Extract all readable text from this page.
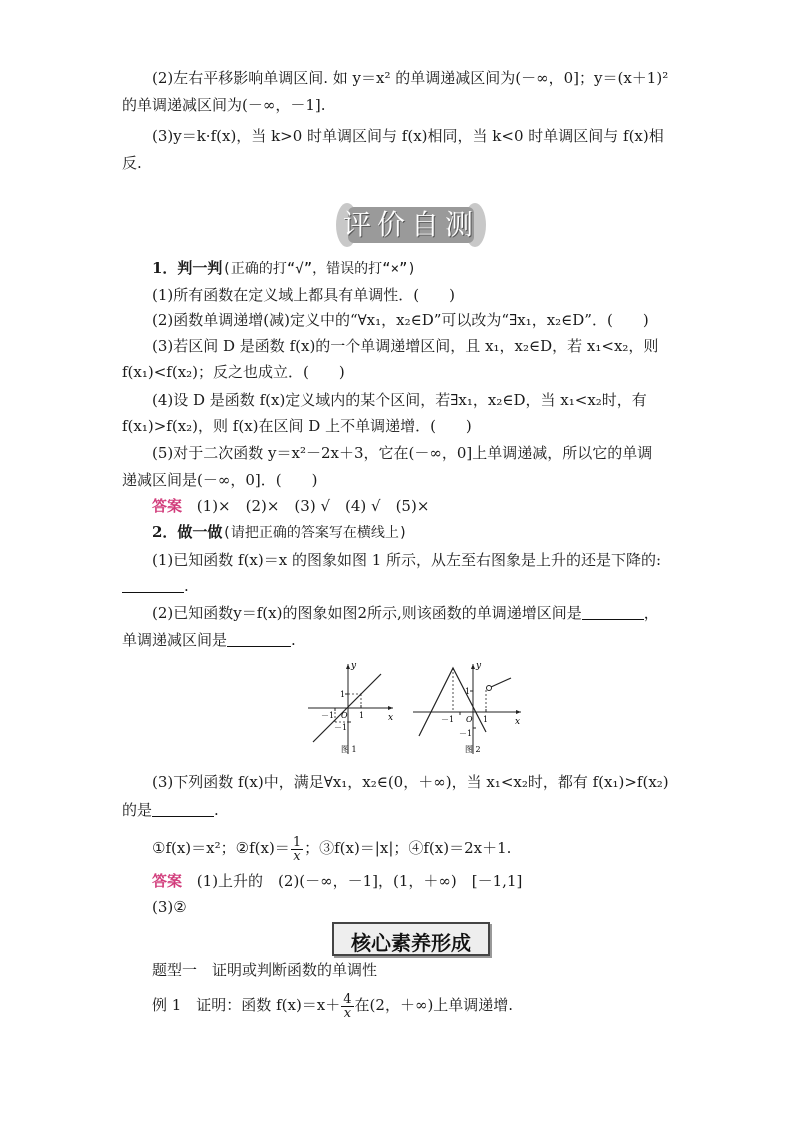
(2)左右平移影响单调区间. 如 y＝x² 的单调递减区间为(－∞，0]；y＝(x＋1)²
的单调递减区间为(－∞，－1].
(3)y＝k·f(x)，当 k>0 时单调区间与 f(x)相同，当 k<0 时单调区间与 f(x)相
反.
评价自测
1．判一判(正确的打“√”，错误的打“×”)
(1)所有函数在定义域上都具有单调性．(　　)
(2)函数单调递增(减)定义中的“∀x₁，x₂∈D”可以改为“∃x₁，x₂∈D”．(　　)
(3)若区间 D 是函数 f(x)的一个单调递增区间，且 x₁，x₂∈D，若 x₁<x₂，则
f(x₁)<f(x₂)；反之也成立．(　　)
(4)设 D 是函数 f(x)定义域内的某个区间，若∃x₁，x₂∈D，当 x₁<x₂时，有
f(x₁)>f(x₂)，则 f(x)在区间 D 上不单调递增．(　　)
(5)对于二次函数 y＝x²－2x＋3，它在(－∞，0]上单调递减，所以它的单调
递减区间是(－∞，0]．(　　)
答案 (1)×　(2)×　(3) √　(4) √　(5)×
2．做一做(请把正确的答案写在横线上)
(1)已知函数 f(x)＝x 的图象如图 1 所示，从左至右图象是上升的还是下降的:
.
(2)已知函数y＝f(x)的图象如图2所示,则该函数的单调递增区间是	，
单调递减区间是	.
x
y
O 1
－1
1
－1
图 1
x
y
O 1
－1
1
－1
图 2
(3)下列函数 f(x)中，满足∀x₁，x₂∈(0，＋∞)，当 x₁<x₂时，都有 f(x₁)>f(x₂)
的是	.
①f(x)＝x²；②f(x)＝ $\frac{1}{x}$ ；③f(x)＝|x|；④f(x)＝2x＋1.
答案 (1)上升的　(2)(－∞，－1]，(1，＋∞)　[－1,1]
(3)②
核心素养形成
题型一　证明或判断函数的单调性
例 1　证明：函数 $f(x)=x+ \frac{4}{x}$ 在(2，＋∞)上单调递增.
